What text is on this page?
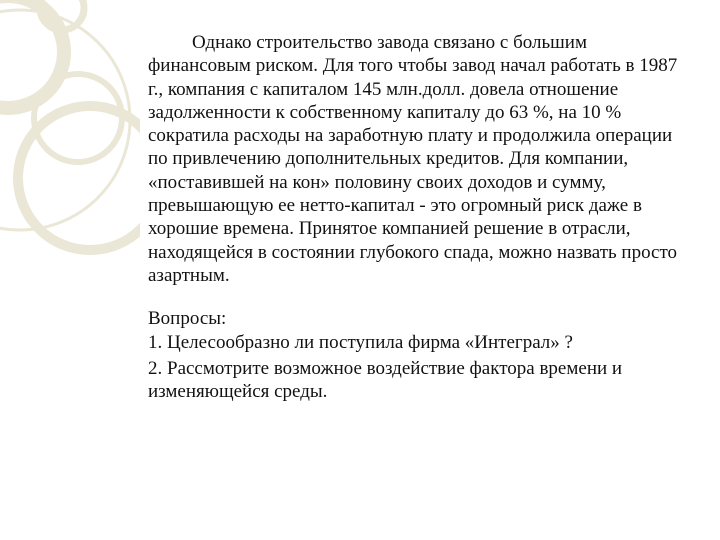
Однако строительство завода связано с большим финансовым риском. Для того чтобы завод начал работать в 1987 г., компания с капиталом 145 млн.долл. довела отношение задолженности к собственному капиталу до 63 %, на 10 % сократила расходы на заработную плату и продолжила операции по привлечению дополнительных кредитов. Для компании, «поставившей на кон» половину своих доходов и сумму, превышающую ее нетто-капитал - это огромный риск даже в хорошие времена. Принятое компанией решение в отрасли, находящейся в состоянии глубокого спада, можно назвать просто азартным.

Вопросы:

1. Целесообразно ли поступила фирма «Интеграл» ?

2. Рассмотрите возможное воздействие фактора времени и изменяющейся среды.
